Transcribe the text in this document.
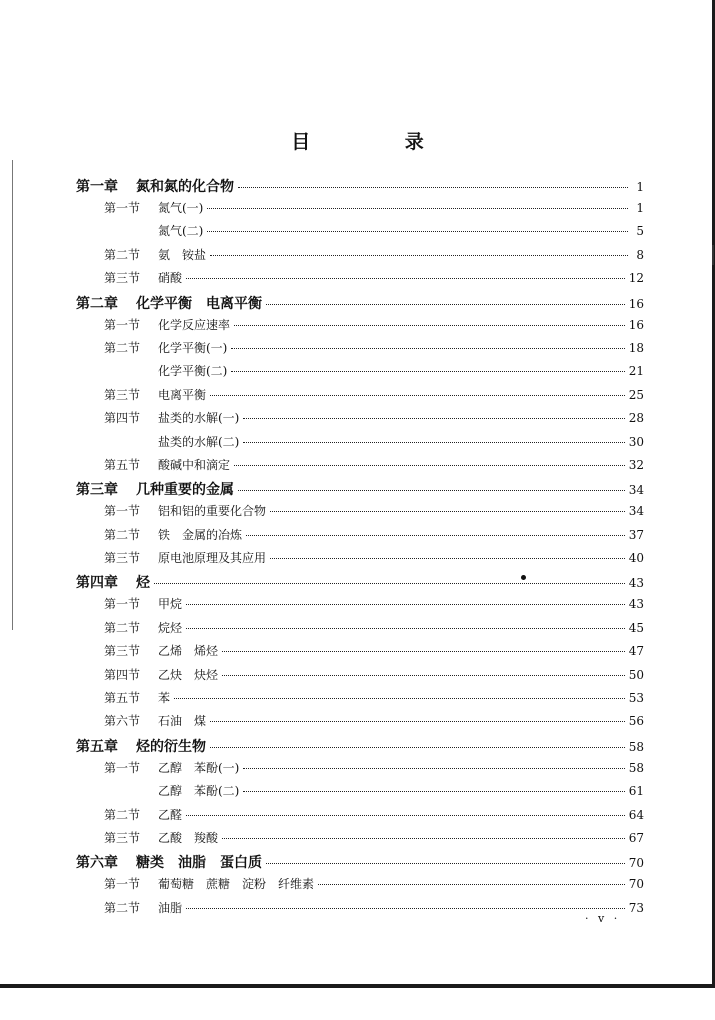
目 录
第一章	氮和氮的化合物	1
第一节	氮气(一)	1
氮气(二)	5
第二节	氨　铵盐	8
第三节	硝酸	12
第二章	化学平衡　电离平衡	16
第一节	化学反应速率	16
第二节	化学平衡(一)	18
化学平衡(二)	21
第三节	电离平衡	25
第四节	盐类的水解(一)	28
盐类的水解(二)	30
第五节	酸碱中和滴定	32
第三章	几种重要的金属	34
第一节	铝和铝的重要化合物	34
第二节	铁　金属的冶炼	37
第三节	原电池原理及其应用	40
第四章	烃	43
第一节	甲烷	43
第二节	烷烃	45
第三节	乙烯　烯烃	47
第四节	乙炔　炔烃	50
第五节	苯	53
第六节	石油　煤	56
第五章	烃的衍生物	58
第一节	乙醇　苯酚(一)	58
乙醇　苯酚(二)	61
第二节	乙醛	64
第三节	乙酸　羧酸	67
第六章	糖类　油脂　蛋白质	70
第一节	葡萄糖　蔗糖　淀粉　纤维素	70
第二节	油脂	73
· v ·
